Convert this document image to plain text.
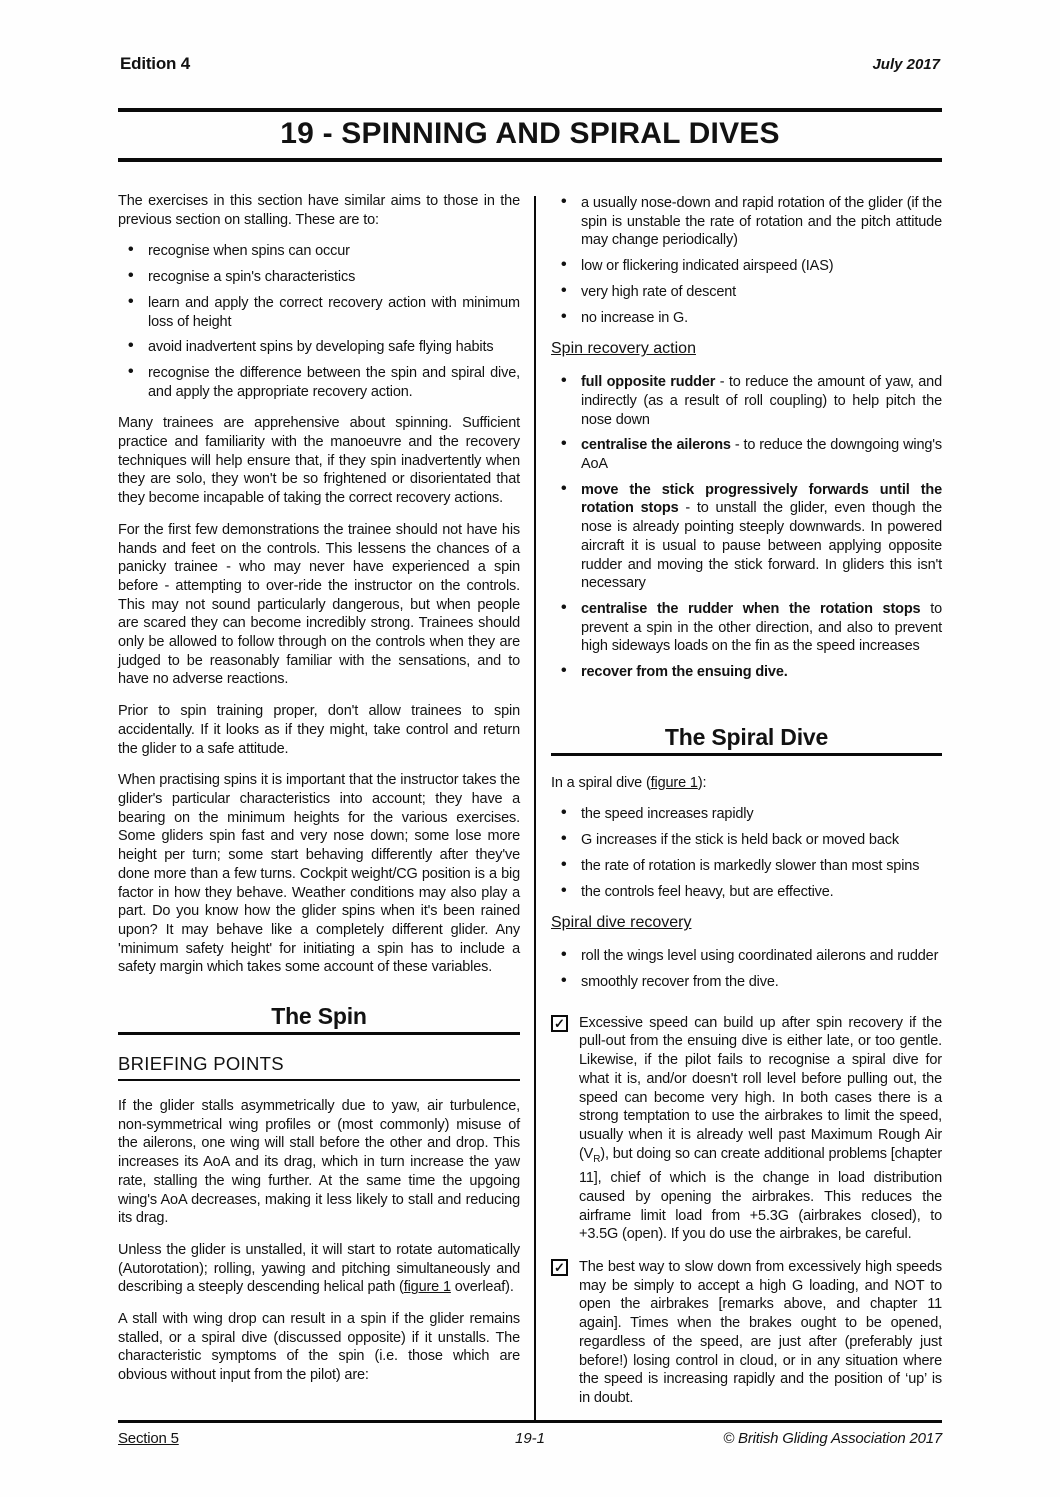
Edition 4	July 2017
19 - SPINNING AND SPIRAL DIVES

The exercises in this section have similar aims to those in the previous section on stalling. These are to:

• recognise when spins can occur
• recognise a spin's characteristics
• learn and apply the correct recovery action with minimum loss of height
• avoid inadvertent spins by developing safe flying habits
• recognise the difference between the spin and spiral dive, and apply the appropriate recovery action.

Many trainees are apprehensive about spinning. Sufficient practice and familiarity with the manoeuvre and the recovery techniques will help ensure that, if they spin inadvertently when they are solo, they won't be so frightened or disorientated that they become incapable of taking the correct recovery actions.

For the first few demonstrations the trainee should not have his hands and feet on the controls. This lessens the chances of a panicky trainee - who may never have experienced a spin before - attempting to over-ride the instructor on the controls. This may not sound particularly dangerous, but when people are scared they can become incredibly strong. Trainees should only be allowed to follow through on the controls when they are judged to be reasonably familiar with the sensations, and to have no adverse reactions.

Prior to spin training proper, don't allow trainees to spin accidentally. If it looks as if they might, take control and return the glider to a safe attitude.

When practising spins it is important that the instructor takes the glider's particular characteristics into account; they have a bearing on the minimum heights for the various exercises. Some gliders spin fast and very nose down; some lose more height per turn; some start behaving differently after they've done more than a few turns. Cockpit weight/CG position is a big factor in how they behave. Weather conditions may also play a part. Do you know how the glider spins when it's been rained upon? It may behave like a completely different glider. Any 'minimum safety height' for initiating a spin has to include a safety margin which takes some account of these variables.

The Spin
BRIEFING POINTS

If the glider stalls asymmetrically due to yaw, air turbulence, non-symmetrical wing profiles or (most commonly) misuse of the ailerons, one wing will stall before the other and drop. This increases its AoA and its drag, which in turn increase the yaw rate, stalling the wing further. At the same time the upgoing wing's AoA decreases, making it less likely to stall and reducing its drag.

Unless the glider is unstalled, it will start to rotate automatically (Autorotation); rolling, yawing and pitching simultaneously and describing a steeply descending helical path (figure 1 overleaf).

A stall with wing drop can result in a spin if the glider remains stalled, or a spiral dive (discussed opposite) if it unstalls. The characteristic symptoms of the spin (i.e. those which are obvious without input from the pilot) are:

• a usually nose-down and rapid rotation of the glider (if the spin is unstable the rate of rotation and the pitch attitude may change periodically)
• low or flickering indicated airspeed (IAS)
• very high rate of descent
• no increase in G.
Spin recovery action
• full opposite rudder - to reduce the amount of yaw, and indirectly (as a result of roll coupling) to help pitch the nose down
• centralise the ailerons - to reduce the downgoing wing's AoA
• move the stick progressively forwards until the rotation stops - to unstall the glider, even though the nose is already pointing steeply downwards. In powered aircraft it is usual to pause between applying opposite rudder and moving the stick forward. In gliders this isn't necessary
• centralise the rudder when the rotation stops to prevent a spin in the other direction, and also to prevent high sideways loads on the fin as the speed increases
• recover from the ensuing dive.
The Spiral Dive

In a spiral dive (figure 1):

• the speed increases rapidly
• G increases if the stick is held back or moved back
• the rate of rotation is markedly slower than most spins
• the controls feel heavy, but are effective.
Spiral dive recovery
• roll the wings level using coordinated ailerons and rudder
• smoothly recover from the dive.
✓ Excessive speed can build up after spin recovery if the pull-out from the ensuing dive is either late, or too gentle. Likewise, if the pilot fails to recognise a spiral dive for what it is, and/or doesn't roll level before pulling out, the speed can become very high. In both cases there is a strong temptation to use the airbrakes to limit the speed, usually when it is already well past Maximum Rough Air $(V_R)$, but doing so can create additional problems [chapter 11], chief of which is the change in load distribution caused by opening the airbrakes. This reduces the airframe limit load from +5.3G (airbrakes closed), to +3.5G (open). If you do use the airbrakes, be careful.
✓ The best way to slow down from excessively high speeds may be simply to accept a high G loading, and NOT to open the airbrakes [remarks above, and chapter 11 again]. Times when the brakes ought to be opened, regardless of the speed, are just after (preferably just before!) losing control in cloud, or in any situation where the speed is increasing rapidly and the position of ‘up’ is in doubt.
Section 5	19-1	© British Gliding Association 2017
